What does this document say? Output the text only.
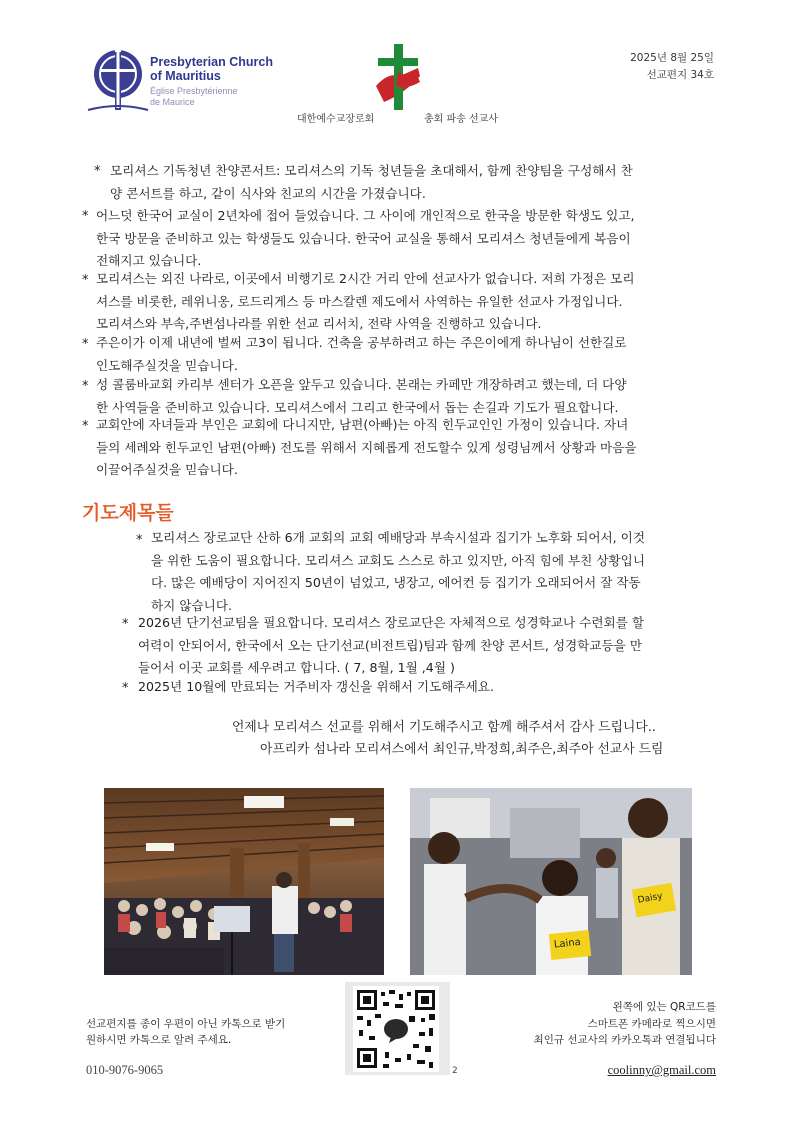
Presbyterian Church
of Mauritius
Église Presbytérienne
de Maurice
대한예수교장로회	총회 파송 선교사
2025년 8월 25일
선교편지 34호
* 모리셔스 기독청년 찬양콘서트: 모리셔스의 기독 청년들을 초대해서, 함께 찬양팀을 구성해서 찬
양 콘서트를 하고, 같이 식사와 친교의 시간을 가졌습니다.
* 어느덧 한국어 교실이 2년차에 접어 들었습니다. 그 사이에 개인적으로 한국을 방문한 학생도 있고,
한국 방문을 준비하고 있는 학생들도 있습니다. 한국어 교실을 통해서 모리셔스 청년들에게 복음이
전해지고 있습니다.
* 모리셔스는 외진 나라로, 이곳에서 비행기로 2시간 거리 안에 선교사가 없습니다. 저희 가정은 모리
셔스를 비롯한, 레위니옹, 로드리게스 등 마스칼렌 제도에서 사역하는 유일한 선교사 가정입니다.
모리셔스와 부속,주변섬나라를 위한 선교 리서치, 전략 사역을 진행하고 있습니다.
* 주은이가 이제 내년에 벌써 고3이 됩니다. 건축을 공부하려고 하는 주은이에게 하나님이 선한길로
인도해주실것을 믿습니다.
* 성 콜룸바교회 카리부 센터가 오픈을 앞두고 있습니다. 본래는 카페만 개장하려고 했는데, 더 다양
한 사역들을 준비하고 있습니다. 모리셔스에서 그리고 한국에서 돕는 손길과 기도가 필요합니다.
* 교회안에 자녀들과 부인은 교회에 다니지만, 남편(아빠)는 아직 힌두교인인 가정이 있습니다. 자녀
들의 세례와 힌두교인 남편(아빠) 전도를 위해서 지혜롭게 전도할수 있게 성령님께서 상황과 마음을
이끌어주실것을 믿습니다.
기도제목들
* 모리셔스 장로교단 산하 6개 교회의 교회 예배당과 부속시설과 집기가 노후화 되어서, 이것
을 위한 도움이 필요합니다. 모리셔스 교회도 스스로 하고 있지만, 아직 힘에 부친 상황입니
다. 많은 예배당이 지어진지 50년이 넘었고, 냉장고, 에어컨 등 집기가 오래되어서 잘 작동
하지 않습니다.
* 2026년 단기선교팀을 필요합니다. 모리셔스 장로교단은 자체적으로 성경학교나 수련회를 할
여력이 안되어서, 한국에서 오는 단기선교(비전트립)팀과 함께 찬양 콘서트, 성경학교등을 만
들어서 이곳 교회를 세우려고 합니다. ( 7, 8월, 1월 ,4월 )
* 2025년 10월에 만료되는 거주비자 갱신을 위해서 기도해주세요.
언제나 모리셔스 선교를 위해서 기도해주시고 함께 해주셔서 감사 드립니다..
아프리카 섬나라 모리셔스에서 최인규,박정희,최주은,최주아 선교사 드림
Laina
Daisy
선교편지를 종이 우편이 아닌 카톡으로 받기
원하시면 카톡으로 알려 주세요.
010-9076-9065	2
왼쪽에 있는 QR코드를
스마트폰 카메라로 찍으시면
최인규 선교사의 카카오톡과 연결됩니다
coolinny@gmail.com
